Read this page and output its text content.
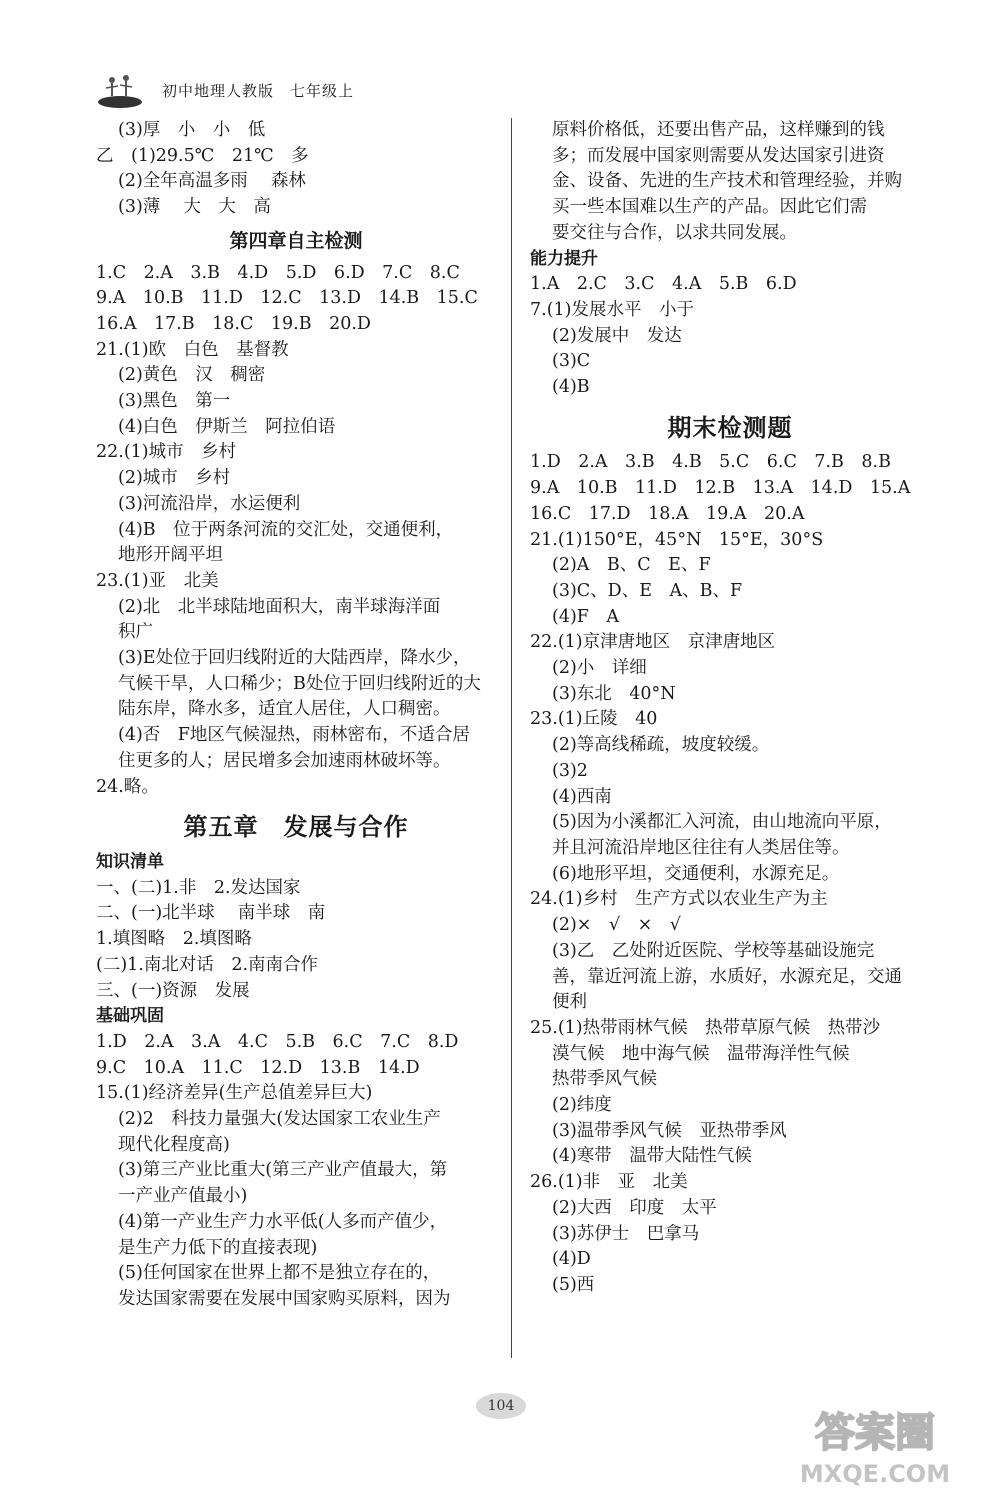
初中地理人教版　七年级上
(3)厚　小　小　低
乙　(1)29.5℃　21℃　多
(2)全年高温多雨　 森林
(3)薄　 大　大　高
第四章自主检测
1.C　2.A　3.B　4.D　5.D　6.D　7.C　8.C
9.A　10.B　11.D　12.C　13.D　14.B　15.C
16.A　17.B　18.C　19.B　20.D
21.(1)欧　白色　基督教
(2)黄色　汉　稠密
(3)黑色　第一
(4)白色　伊斯兰　阿拉伯语
22.(1)城市　乡村
(2)城市　乡村
(3)河流沿岸，水运便利
(4)B　位于两条河流的交汇处，交通便利，
地形开阔平坦
23.(1)亚　北美
(2)北　北半球陆地面积大，南半球海洋面
积广
(3)E处位于回归线附近的大陆西岸，降水少，
气候干旱，人口稀少；B处位于回归线附近的大
陆东岸，降水多，适宜人居住，人口稠密。
(4)否　F地区气候湿热，雨林密布，不适合居
住更多的人；居民增多会加速雨林破坏等。
24.略。
第五章　发展与合作
知识清单
一、(二)1.非　2.发达国家
二、(一)北半球　 南半球　南
1.填图略　2.填图略
(二)1.南北对话　2.南南合作
三、(一)资源　发展
基础巩固
1.D　2.A　3.A　4.C　5.B　6.C　7.C　8.D
9.C　10.A　11.C　12.D　13.B　14.D
15.(1)经济差异(生产总值差异巨大)
(2)2　科技力量强大(发达国家工农业生产
现代化程度高)
(3)第三产业比重大(第三产业产值最大，第
一产业产值最小)
(4)第一产业生产力水平低(人多而产值少，
是生产力低下的直接表现)
(5)任何国家在世界上都不是独立存在的，
发达国家需要在发展中国家购买原料，因为
原料价格低，还要出售产品，这样赚到的钱
多；而发展中国家则需要从发达国家引进资
金、设备、先进的生产技术和管理经验，并购
买一些本国难以生产的产品。因此它们需
要交往与合作，以求共同发展。
能力提升
1.A　2.C　3.C　4.A　5.B　6.D
7.(1)发展水平　小于
(2)发展中　发达
(3)C
(4)B
期末检测题
1.D　2.A　3.B　4.B　5.C　6.C　7.B　8.B
9.A　10.B　11.D　12.B　13.A　14.D　15.A
16.C　17.D　18.A　19.A　20.A
21.(1)150°E，45°N　15°E，30°S
(2)A　B、C　E、F
(3)C、D、E　A、B、F
(4)F　A
22.(1)京津唐地区　京津唐地区
(2)小　详细
(3)东北　40°N
23.(1)丘陵　40
(2)等高线稀疏，坡度较缓。
(3)2
(4)西南
(5)因为小溪都汇入河流，由山地流向平原，
并且河流沿岸地区往往有人类居住等。
(6)地形平坦，交通便利，水源充足。
24.(1)乡村　生产方式以农业生产为主
(2)×　√　×　√
(3)乙　乙处附近医院、学校等基础设施完
善，靠近河流上游，水质好，水源充足，交通
便利
25.(1)热带雨林气候　热带草原气候　热带沙
漠气候　地中海气候　温带海洋性气候
热带季风气候
(2)纬度
(3)温带季风气候　亚热带季风
(4)寒带　温带大陆性气候
26.(1)非　亚　北美
(2)大西　印度　太平
(3)苏伊士　巴拿马
(4)D
(5)西
104
答案圈
MXQE.COM
